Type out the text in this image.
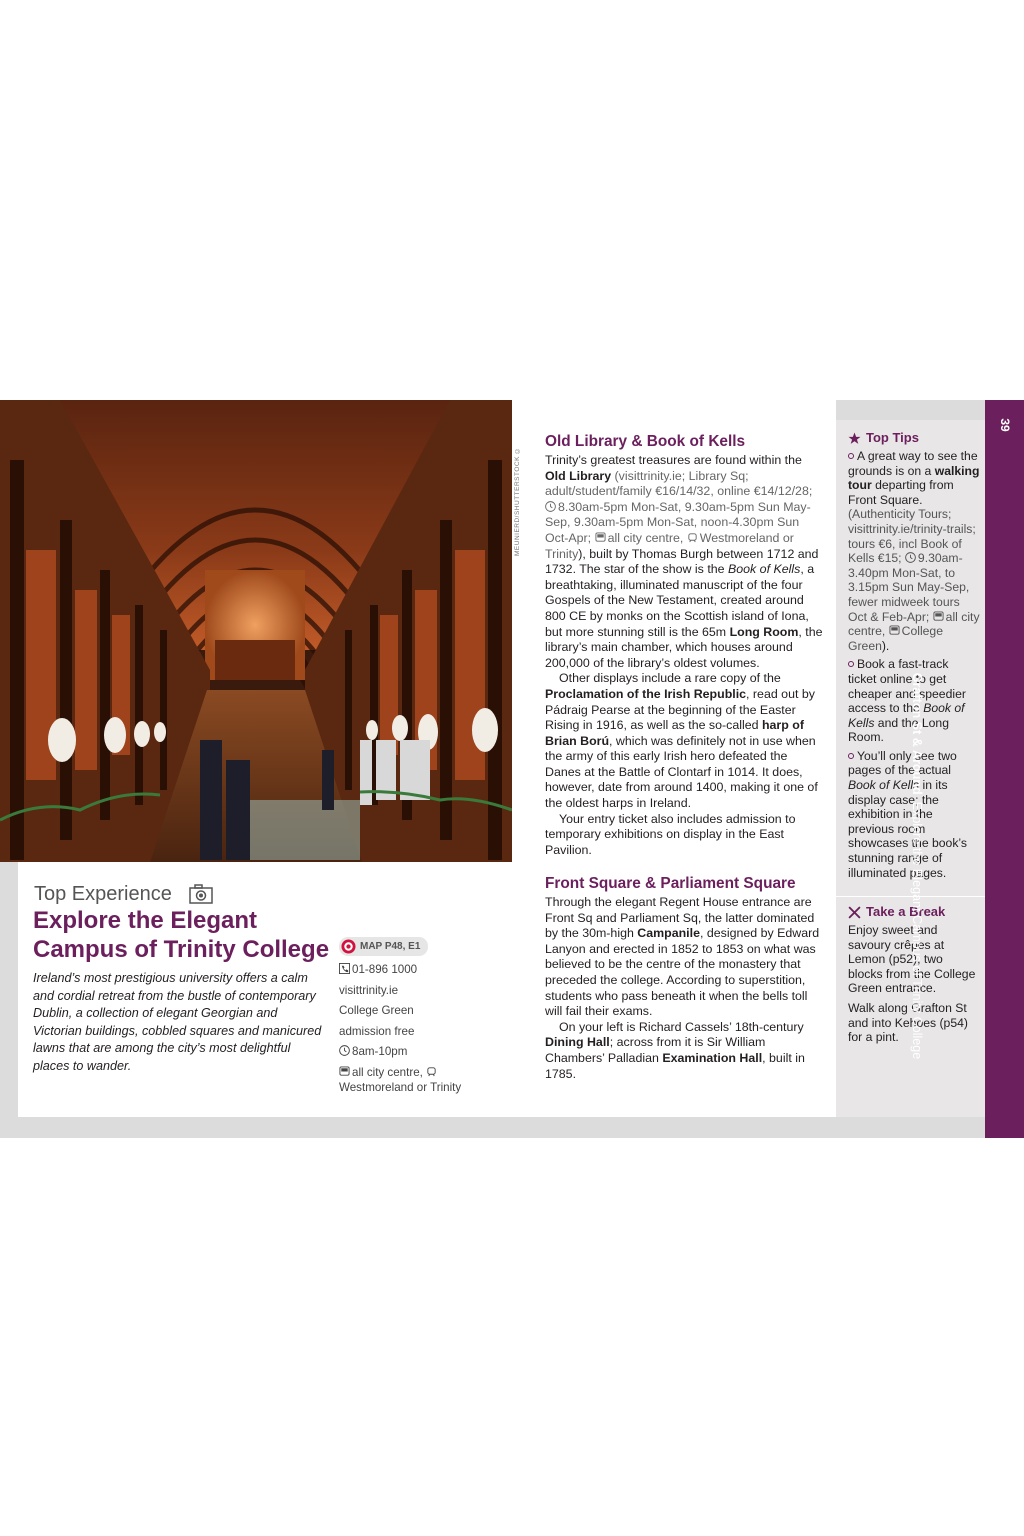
MEUNIERD/SHUTTERSTOCK ©
Top Experience
Explore the Elegant Campus of Trinity College

Ireland’s most prestigious university offers a calm and cordial retreat from the bustle of contemporary Dublin, a collection of elegant Georgian and Victorian buildings, cobbled squares and manicured lawns that are among the city’s most delightful places to wander.

MAP P48, E1
01-896 1000
visittrinity.ie
College Green
admission free
8am-10pm
all city centre, Westmoreland or Trinity
Old Library & Book of Kells

Trinity’s greatest treasures are found within the Old Library (visittrinity.ie; Library Sq; adult/student/family €16/14/32, online €14/12/28; 8.30am-5pm Mon-Sat, 9.30am-5pm Sun May-Sep, 9.30am-5pm Mon-Sat, noon-4.30pm Sun Oct-Apr; all city centre, Westmoreland or Trinity), built by Thomas Burgh between 1712 and 1732. The star of the show is the Book of Kells, a breathtaking, illuminated manuscript of the four Gospels of the New Testament, created around 800 CE by monks on the Scottish island of Iona, but more stunning still is the 65m Long Room, the library’s main chamber, which houses around 200,000 of the library’s oldest volumes.

Other displays include a rare copy of the Proclamation of the Irish Republic, read out by Pádraig Pearse at the beginning of the Easter Rising in 1916, as well as the so-called harp of Brian Ború, which was definitely not in use when the army of this early Irish hero defeated the Danes at the Battle of Clontarf in 1014. It does, however, date from around 1400, making it one of the oldest harps in Ireland.

Your entry ticket also includes admission to temporary exhibitions on display in the East Pavilion.

Front Square & Parliament Square

Through the elegant Regent House entrance are Front Sq and Parliament Sq, the latter dominated by the 30m-high Campanile, designed by Edward Lanyon and erected in 1852 to 1853 on what was believed to be the centre of the monastery that preceded the college. According to superstition, students who pass beneath it when the bells toll will fail their exams.

On your left is Richard Cassels’ 18th-century Dining Hall; across from it is Sir William Chambers’ Palladian Examination Hall, built in 1785.

Top Tips
A great way to see the grounds is on a walking tour departing from Front Square. (Authenticity Tours; visittrinity.ie/trinity-trails; tours €6, incl Book of Kells €15; 9.30am-3.40pm Mon-Sat, to 3.15pm Sun May-Sep, fewer midweek tours Oct & Feb-Apr; all city centre, College Green).
Book a fast-track ticket online to get cheaper and speedier access to the Book of Kells and the Long Room.
You’ll only see two pages of the actual Book of Kells in its display case; the exhibition in the previous room showcases the book’s stunning range of illuminated pages.
Take a Break

Enjoy sweet and savoury crêpes at Lemon (p52), two blocks from the College Green entrance.

Walk along Grafton St and into Kehoes (p54) for a pint.

39
Grafton St & Around  Explore the Elegant Campus of Trinity College
